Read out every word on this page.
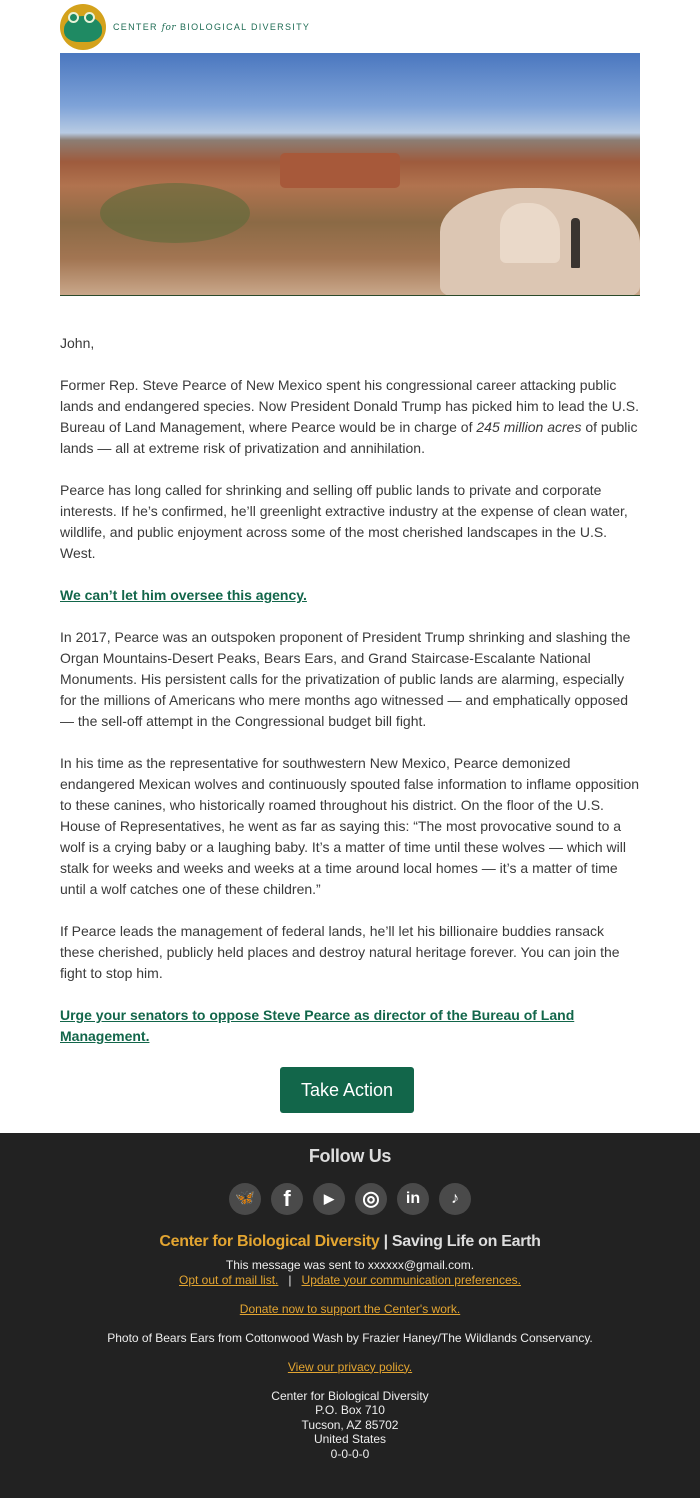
CENTER for BIOLOGICAL DIVERSITY

John,

Former Rep. Steve Pearce of New Mexico spent his congressional career attacking public lands and endangered species. Now President Donald Trump has picked him to lead the U.S. Bureau of Land Management, where Pearce would be in charge of 245 million acres of public lands — all at extreme risk of privatization and annihilation.

Pearce has long called for shrinking and selling off public lands to private and corporate interests. If he’s confirmed, he’ll greenlight extractive industry at the expense of clean water, wildlife, and public enjoyment across some of the most cherished landscapes in the U.S. West.

We can’t let him oversee this agency.

In 2017, Pearce was an outspoken proponent of President Trump shrinking and slashing the Organ Mountains-Desert Peaks, Bears Ears, and Grand Staircase-Escalante National Monuments. His persistent calls for the privatization of public lands are alarming, especially for the millions of Americans who mere months ago witnessed — and emphatically opposed — the sell-off attempt in the Congressional budget bill fight.

In his time as the representative for southwestern New Mexico, Pearce demonized endangered Mexican wolves and continuously spouted false information to inflame opposition to these canines, who historically roamed throughout his district. On the floor of the U.S. House of Representatives, he went as far as saying this: “The most provocative sound to a wolf is a crying baby or a laughing baby. It’s a matter of time until these wolves — which will stalk for weeks and weeks and weeks at a time around local homes — it’s a matter of time until a wolf catches one of these children.”

If Pearce leads the management of federal lands, he’ll let his billionaire buddies ransack these cherished, publicly held places and destroy natural heritage forever. You can join the fight to stop him.

Urge your senators to oppose Steve Pearce as director of the Bureau of Land Management.

Take Action
Follow Us
🦋	f	▶	◎	in	♪
Center for Biological Diversity | Saving Life on Earth
This message was sent to xxxxxx@gmail.com.
Opt out of mail list. | Update your communication preferences.
Donate now to support the Center's work.
Photo of Bears Ears from Cottonwood Wash by Frazier Haney/The Wildlands Conservancy.
View our privacy policy.
Center for Biological Diversity
P.O. Box 710
Tucson, AZ 85702
United States
0-0-0-0
